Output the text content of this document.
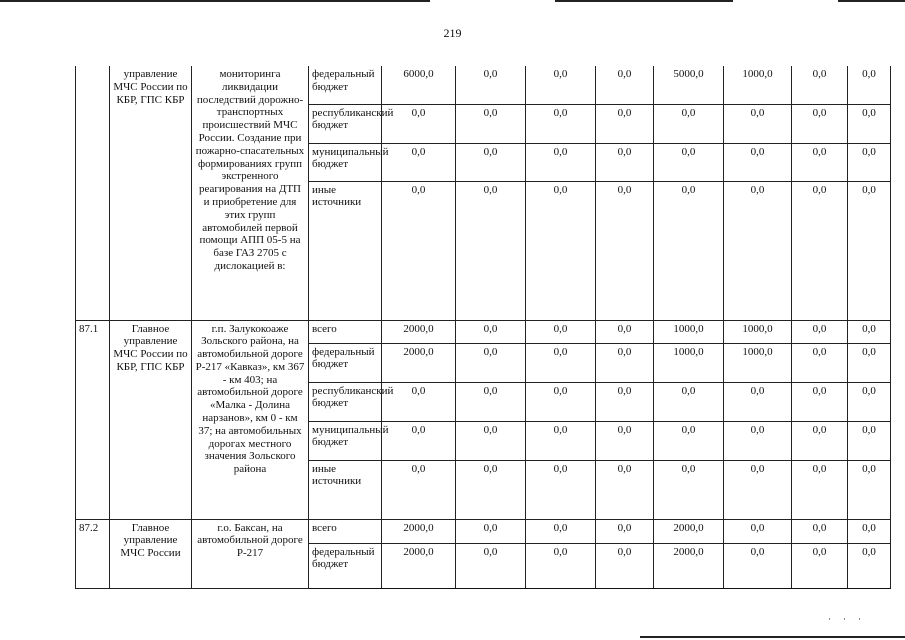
219
	управление МЧС России по КБР, ГПС КБР	мониторинга ликвидации последствий дорожно-транспортных происшествий МЧС России. Создание при пожарно-спасательных формированиях групп экстренного реагирования на ДТП и приобретение для этих групп автомобилей первой помощи АПП 05-5 на базе ГАЗ 2705 с дислокацией в:	федеральный бюджет	6000,0	0,0	0,0	0,0	5000,0	1000,0	0,0	0,0
			республиканский бюджет	0,0	0,0	0,0	0,0	0,0	0,0	0,0	0,0
			муниципальный бюджет	0,0	0,0	0,0	0,0	0,0	0,0	0,0	0,0
			иные источники	0,0	0,0	0,0	0,0	0,0	0,0	0,0	0,0
87.1	Главное управление МЧС России по КБР, ГПС КБР	г.п. Залукокоаже Зольского района, на автомобильной дороге Р-217 «Кавказ», км 367 - км 403; на автомобильной дороге «Малка - Долина нарзанов», км 0 - км 37; на автомобильных дорогах местного значения Зольского района	всего	2000,0	0,0	0,0	0,0	1000,0	1000,0	0,0	0,0
			федеральный бюджет	2000,0	0,0	0,0	0,0	1000,0	1000,0	0,0	0,0
			республиканский бюджет	0,0	0,0	0,0	0,0	0,0	0,0	0,0	0,0
			муниципальный бюджет	0,0	0,0	0,0	0,0	0,0	0,0	0,0	0,0
			иные источники	0,0	0,0	0,0	0,0	0,0	0,0	0,0	0,0
87.2	Главное управление МЧС России	г.о. Баксан, на автомобильной дороге Р-217	всего	2000,0	0,0	0,0	0,0	2000,0	0,0	0,0	0,0
			федеральный бюджет	2000,0	0,0	0,0	0,0	2000,0	0,0	0,0	0,0
···
